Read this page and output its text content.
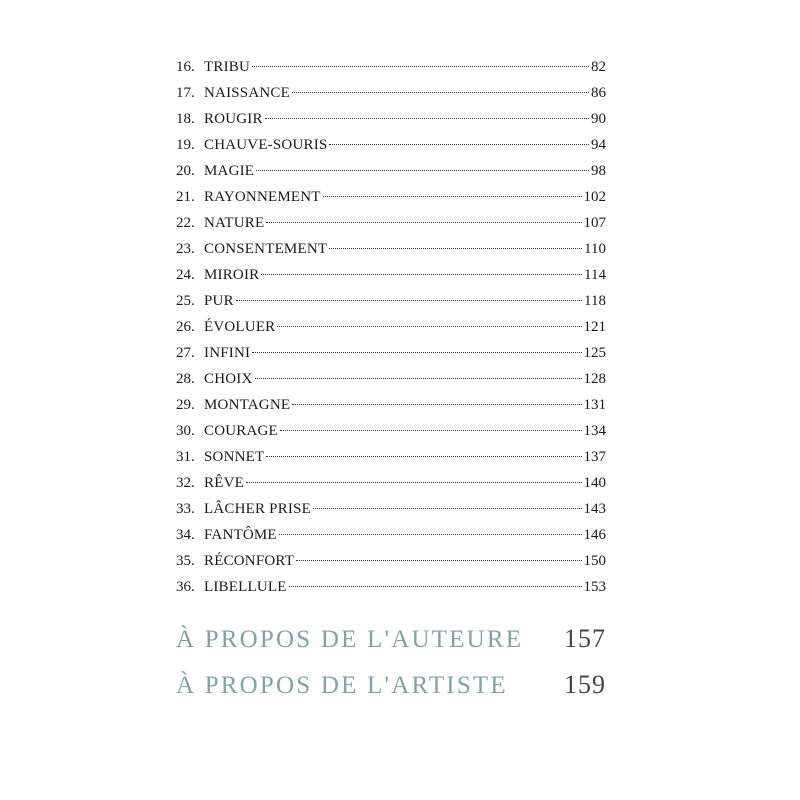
16. TRIBU	82
17. NAISSANCE	86
18. ROUGIR	90
19. CHAUVE-SOURIS	94
20. MAGIE	98
21. RAYONNEMENT	102
22. NATURE	107
23. CONSENTEMENT	110
24. MIROIR	114
25. PUR	118
26. ÉVOLUER	121
27. INFINI	125
28. CHOIX	128
29. MONTAGNE	131
30. COURAGE	134
31. SONNET	137
32. RÊVE	140
33. LÂCHER PRISE	143
34. FANTÔME	146
35. RÉCONFORT	150
36. LIBELLULE	153
À PROPOS DE L'AUTEURE 157
À PROPOS DE L'ARTISTE 159
